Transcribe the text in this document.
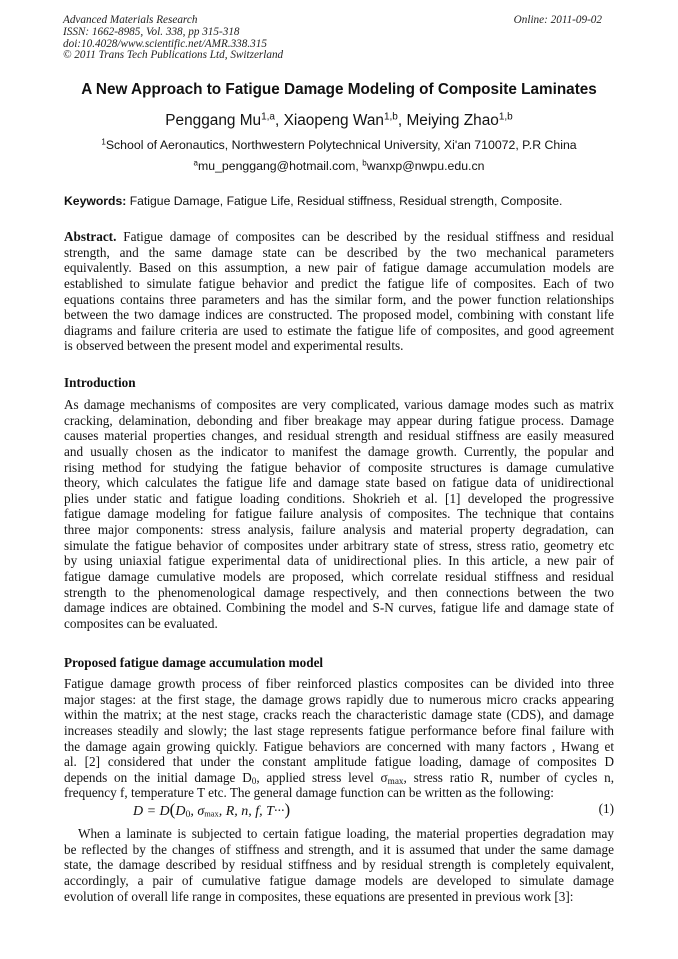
Advanced Materials Research
ISSN: 1662-8985, Vol. 338, pp 315-318
doi:10.4028/www.scientific.net/AMR.338.315
© 2011 Trans Tech Publications Ltd, Switzerland
Online: 2011-09-02
A New Approach to Fatigue Damage Modeling of Composite Laminates
Penggang Mu$^{1,a}$, Xiaopeng Wan$^{1,b}$, Meiying Zhao$^{1,b}$
$^1$School of Aeronautics, Northwestern Polytechnical University, Xi'an 710072, P.R China
$^a$mu_penggang@hotmail.com, $^b$wanxp@nwpu.edu.cn
Keywords: Fatigue Damage, Fatigue Life, Residual stiffness, Residual strength, Composite.
Abstract. Fatigue damage of composites can be described by the residual stiffness and residual
strength, and the same damage state can be described by the two mechanical parameters
equivalently. Based on this assumption, a new pair of fatigue damage accumulation models are
established to simulate fatigue behavior and predict the fatigue life of composites. Each of two
equations contains three parameters and has the similar form, and the power function relationships
between the two damage indices are constructed. The proposed model, combining with constant life
diagrams and failure criteria are used to estimate the fatigue life of composites, and good agreement
is observed between the present model and experimental results.
Introduction
As damage mechanisms of composites are very complicated, various damage modes such as matrix
cracking, delamination, debonding and fiber breakage may appear during fatigue process. Damage
causes material properties changes, and residual strength and residual stiffness are easily measured
and usually chosen as the indicator to manifest the damage growth. Currently, the popular and
rising method for studying the fatigue behavior of composite structures is damage cumulative
theory, which calculates the fatigue life and damage state based on fatigue data of unidirectional
plies under static and fatigue loading conditions. Shokrieh et al. [1] developed the progressive
fatigue damage modeling for fatigue failure analysis of composites. The technique that contains
three major components: stress analysis, failure analysis and material property degradation, can
simulate the fatigue behavior of composites under arbitrary state of stress, stress ratio, geometry etc
by using uniaxial fatigue experimental data of unidirectional plies. In this article, a new pair of
fatigue damage cumulative models are proposed, which correlate residual stiffness and residual
strength to the phenomenological damage respectively, and then connections between the two
damage indices are obtained. Combining the model and S-N curves, fatigue life and damage state of
composites can be evaluated.
Proposed fatigue damage accumulation model
Fatigue damage growth process of fiber reinforced plastics composites can be divided into three
major stages: at the first stage, the damage grows rapidly due to numerous micro cracks appearing
within the matrix; at the nest stage, cracks reach the characteristic damage state (CDS), and damage
increases steadily and slowly; the last stage represents fatigue performance before final failure with
the damage again growing quickly. Fatigue behaviors are concerned with many factors , Hwang et
al. [2] considered that under the constant amplitude fatigue loading, damage of composites D
depends on the initial damage $D_0$, applied stress level $\sigma_{max}$, stress ratio R, number of cycles n,
frequency f, temperature T etc. The general damage function can be written as the following:
$D = D(D_0$, $\sigma_{max}$, R, n, f, T···)	(1)
When a laminate is subjected to certain fatigue loading, the material properties degradation may
be reflected by the changes of stiffness and strength, and it is assumed that under the same damage
state, the damage described by residual stiffness and by residual strength is completely equivalent,
accordingly, a pair of cumulative fatigue damage models are developed to simulate damage
evolution of overall life range in composites, these equations are presented in previous work [3]:
